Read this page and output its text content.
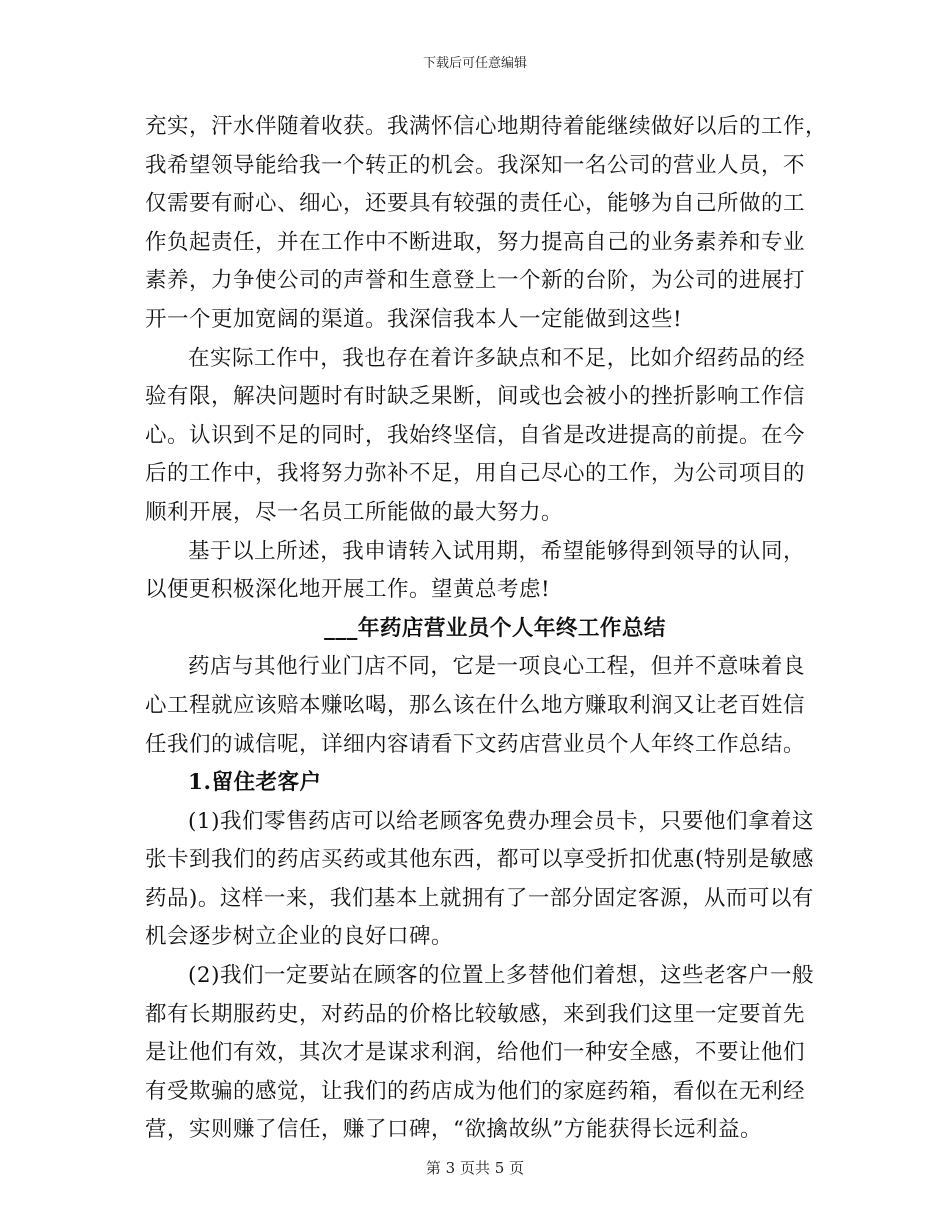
下载后可任意编辑
充实，汗水伴随着收获。我满怀信心地期待着能继续做好以后的工作，
我希望领导能给我一个转正的机会。我深知一名公司的营业人员，不
仅需要有耐心、细心，还要具有较强的责任心，能够为自己所做的工
作负起责任，并在工作中不断进取，努力提高自己的业务素养和专业
素养，力争使公司的声誉和生意登上一个新的台阶，为公司的进展打
开一个更加宽阔的渠道。我深信我本人一定能做到这些!
在实际工作中，我也存在着许多缺点和不足，比如介绍药品的经
验有限，解决问题时有时缺乏果断，间或也会被小的挫折影响工作信
心。认识到不足的同时，我始终坚信，自省是改进提高的前提。在今
后的工作中，我将努力弥补不足，用自己尽心的工作，为公司项目的
顺利开展，尽一名员工所能做的最大努力。
基于以上所述，我申请转入试用期，希望能够得到领导的认同，
以便更积极深化地开展工作。望黄总考虑!
___年药店营业员个人年终工作总结
药店与其他行业门店不同，它是一项良心工程，但并不意味着良
心工程就应该赔本赚吆喝，那么该在什么地方赚取利润又让老百姓信
任我们的诚信呢，详细内容请看下文药店营业员个人年终工作总结。
1.留住老客户
(1)我们零售药店可以给老顾客免费办理会员卡，只要他们拿着这
张卡到我们的药店买药或其他东西，都可以享受折扣优惠(特别是敏感
药品)。这样一来，我们基本上就拥有了一部分固定客源，从而可以有
机会逐步树立企业的良好口碑。
(2)我们一定要站在顾客的位置上多替他们着想，这些老客户一般
都有长期服药史，对药品的价格比较敏感，来到我们这里一定要首先
是让他们有效，其次才是谋求利润，给他们一种安全感，不要让他们
有受欺骗的感觉，让我们的药店成为他们的家庭药箱，看似在无利经
营，实则赚了信任，赚了口碑，“欲擒故纵”方能获得长远利益。
第 3 页共 5 页
